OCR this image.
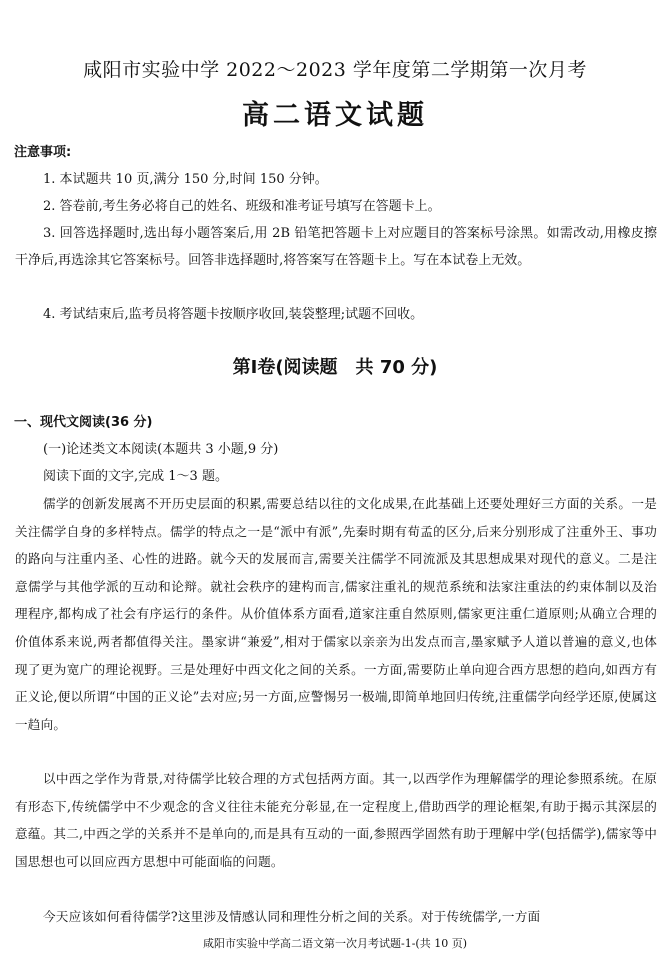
咸阳市实验中学 2022～2023 学年度第二学期第一次月考
高二语文试题
注意事项:
1. 本试题共 10 页,满分 150 分,时间 150 分钟。
2. 答卷前,考生务必将自己的姓名、班级和准考证号填写在答题卡上。
3. 回答选择题时,选出每小题答案后,用 2B 铅笔把答题卡上对应题目的答案标号涂黑。如需改动,用橡皮擦干净后,再选涂其它答案标号。回答非选择题时,将答案写在答题卡上。写在本试卷上无效。
4. 考试结束后,监考员将答题卡按顺序收回,装袋整理;试题不回收。
第Ⅰ卷(阅读题　共 70 分)
一、现代文阅读(36 分)
(一)论述类文本阅读(本题共 3 小题,9 分)
阅读下面的文字,完成 1～3 题。
儒学的创新发展离不开历史层面的积累,需要总结以往的文化成果,在此基础上还要处理好三方面的关系。一是关注儒学自身的多样特点。儒学的特点之一是“派中有派”,先秦时期有荀孟的区分,后来分别形成了注重外王、事功的路向与注重内圣、心性的进路。就今天的发展而言,需要关注儒学不同流派及其思想成果对现代的意义。二是注意儒学与其他学派的互动和论辩。就社会秩序的建构而言,儒家注重礼的规范系统和法家注重法的约束体制以及治理程序,都构成了社会有序运行的条件。从价值体系方面看,道家注重自然原则,儒家更注重仁道原则;从确立合理的价值体系来说,两者都值得关注。墨家讲“兼爱”,相对于儒家以亲亲为出发点而言,墨家赋予人道以普遍的意义,也体现了更为宽广的理论视野。三是处理好中西文化之间的关系。一方面,需要防止单向迎合西方思想的趋向,如西方有正义论,便以所谓“中国的正义论”去对应;另一方面,应警惕另一极端,即简单地回归传统,注重儒学向经学还原,使属这一趋向。
以中西之学作为背景,对待儒学比较合理的方式包括两方面。其一,以西学作为理解儒学的理论参照系统。在原有形态下,传统儒学中不少观念的含义往往未能充分彰显,在一定程度上,借助西学的理论框架,有助于揭示其深层的意蕴。其二,中西之学的关系并不是单向的,而是具有互动的一面,参照西学固然有助于理解中学(包括儒学),儒家等中国思想也可以回应西方思想中可能面临的问题。
今天应该如何看待儒学?这里涉及情感认同和理性分析之间的关系。对于传统儒学,一方面
咸阳市实验中学高二语文第一次月考试题-1-(共 10 页)
